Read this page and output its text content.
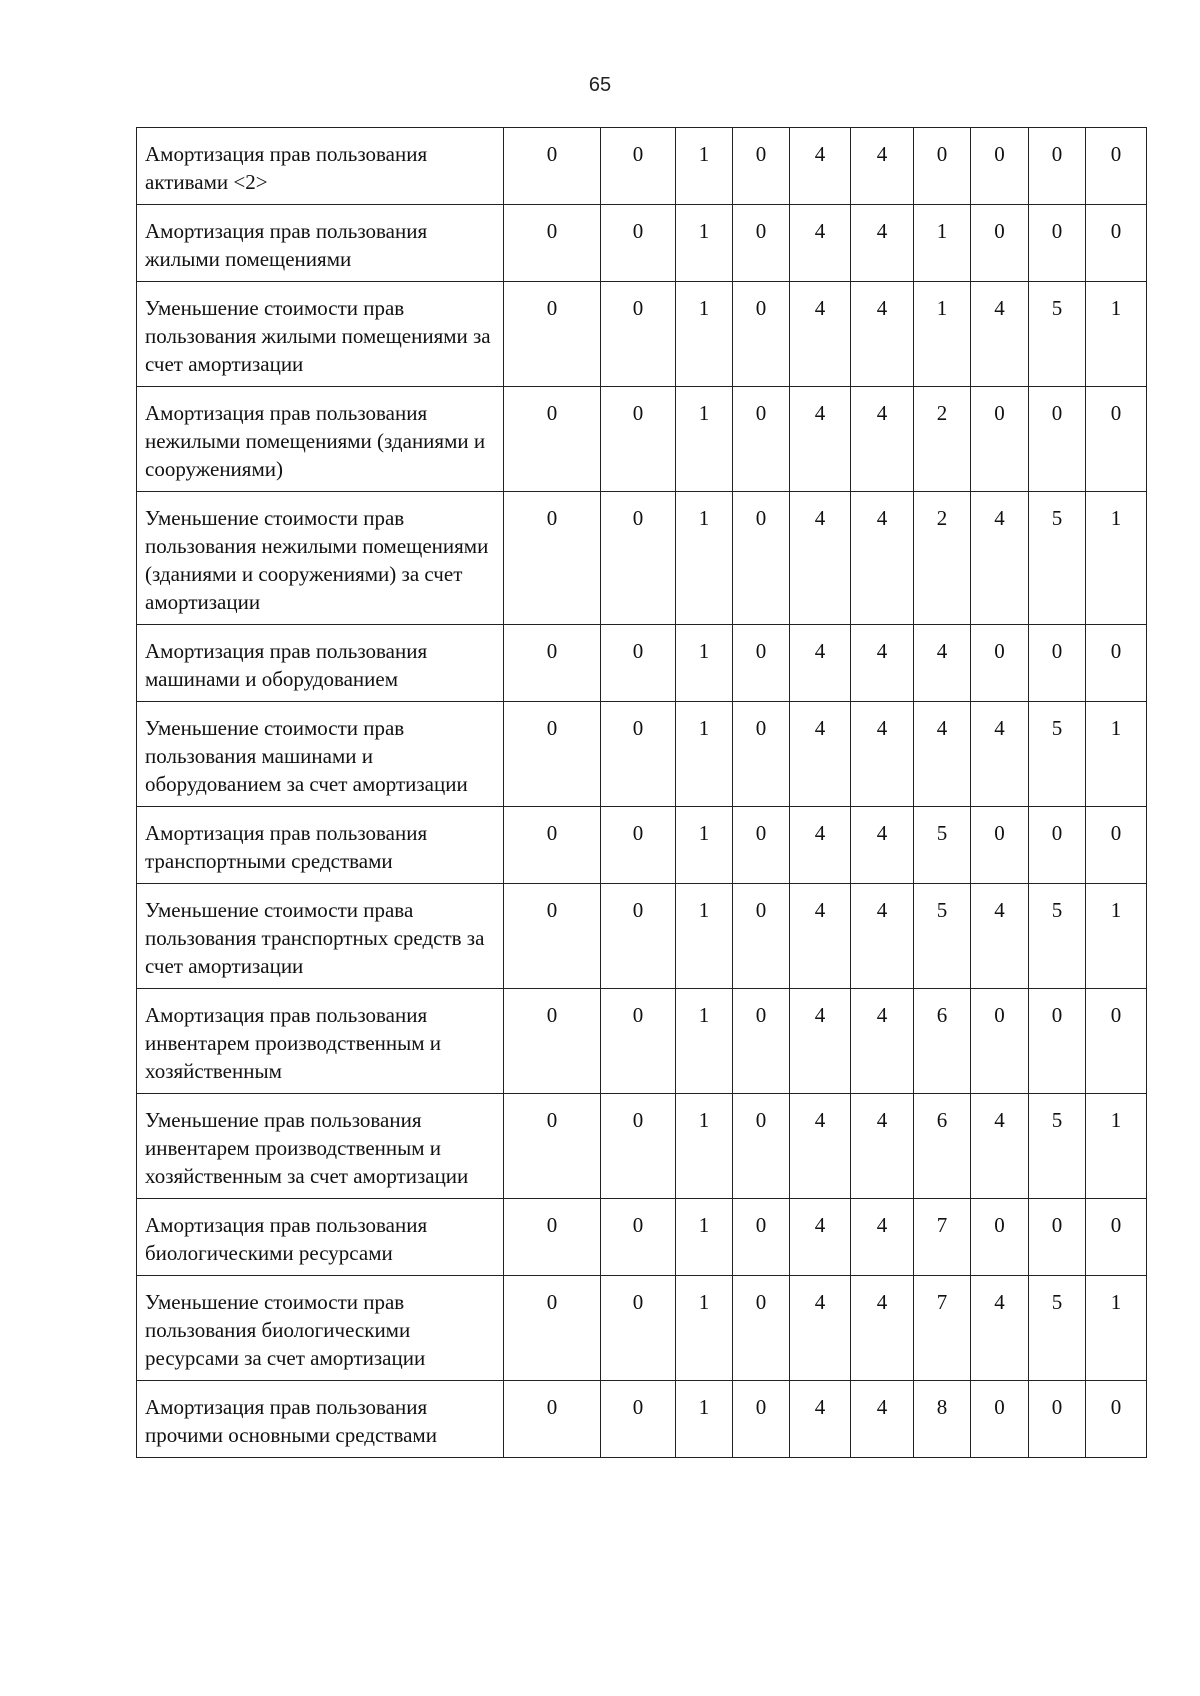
65
Амортизация прав пользования активами <2>	0	0	1	0	4	4	0	0	0	0
Амортизация прав пользования жилыми помещениями	0	0	1	0	4	4	1	0	0	0
Уменьшение стоимости прав пользования жилыми помещениями за счет амортизации	0	0	1	0	4	4	1	4	5	1
Амортизация прав пользования нежилыми помещениями (зданиями и сооружениями)	0	0	1	0	4	4	2	0	0	0
Уменьшение стоимости прав пользования нежилыми помещениями (зданиями и сооружениями) за счет амортизации	0	0	1	0	4	4	2	4	5	1
Амортизация прав пользования машинами и оборудованием	0	0	1	0	4	4	4	0	0	0
Уменьшение стоимости прав пользования машинами и оборудованием за счет амортизации	0	0	1	0	4	4	4	4	5	1
Амортизация прав пользования транспортными средствами	0	0	1	0	4	4	5	0	0	0
Уменьшение стоимости права пользования транспортных средств за счет амортизации	0	0	1	0	4	4	5	4	5	1
Амортизация прав пользования инвентарем производственным и хозяйственным	0	0	1	0	4	4	6	0	0	0
Уменьшение прав пользования инвентарем производственным и хозяйственным за счет амортизации	0	0	1	0	4	4	6	4	5	1
Амортизация прав пользования биологическими ресурсами	0	0	1	0	4	4	7	0	0	0
Уменьшение стоимости прав пользования биологическими ресурсами за счет амортизации	0	0	1	0	4	4	7	4	5	1
Амортизация прав пользования прочими основными средствами	0	0	1	0	4	4	8	0	0	0
